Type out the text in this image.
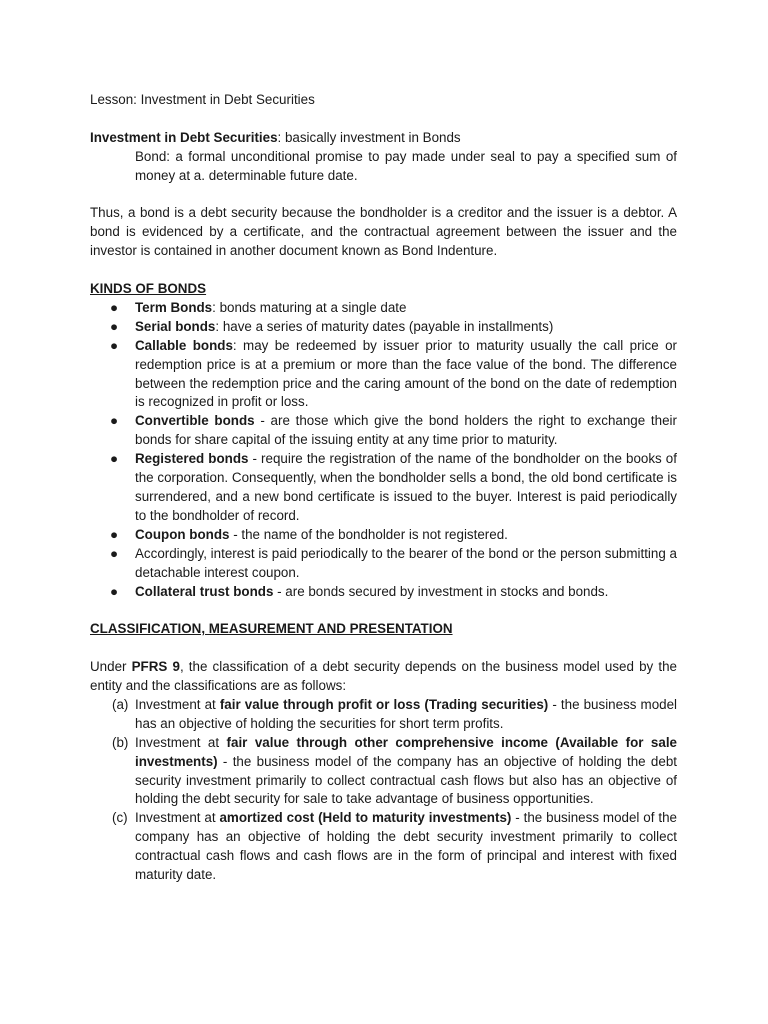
Lesson: Investment in Debt Securities

Investment in Debt Securities: basically investment in Bonds

Bond: a formal unconditional promise to pay made under seal to pay a specified sum of money at a. determinable future date.

Thus, a bond is a debt security because the bondholder is a creditor and the issuer is a debtor. A bond is evidenced by a certificate, and the contractual agreement between the issuer and the investor is contained in another document known as Bond Indenture.

KINDS OF BONDS

● Term Bonds: bonds maturing at a single date
● Serial bonds: have a series of maturity dates (payable in installments)
● Callable bonds: may be redeemed by issuer prior to maturity usually the call price or redemption price is at a premium or more than the face value of the bond. The difference between the redemption price and the caring amount of the bond on the date of redemption is recognized in profit or loss.
● Convertible bonds - are those which give the bond holders the right to exchange their bonds for share capital of the issuing entity at any time prior to maturity.
● Registered bonds - require the registration of the name of the bondholder on the books of the corporation. Consequently, when the bondholder sells a bond, the old bond certificate is surrendered, and a new bond certificate is issued to the buyer. Interest is paid periodically to the bondholder of record.
● Coupon bonds - the name of the bondholder is not registered.
● Accordingly, interest is paid periodically to the bearer of the bond or the person submitting a detachable interest coupon.
● Collateral trust bonds - are bonds secured by investment in stocks and bonds.

CLASSIFICATION, MEASUREMENT AND PRESENTATION

Under PFRS 9, the classification of a debt security depends on the business model used by the entity and the classifications are as follows:

(a) Investment at fair value through profit or loss (Trading securities) - the business model has an objective of holding the securities for short term profits.
(b) Investment at fair value through other comprehensive income (Available for sale investments) - the business model of the company has an objective of holding the debt security investment primarily to collect contractual cash flows but also has an objective of holding the debt security for sale to take advantage of business opportunities.
(c) Investment at amortized cost (Held to maturity investments) - the business model of the company has an objective of holding the debt security investment primarily to collect contractual cash flows and cash flows are in the form of principal and interest with fixed maturity date.
